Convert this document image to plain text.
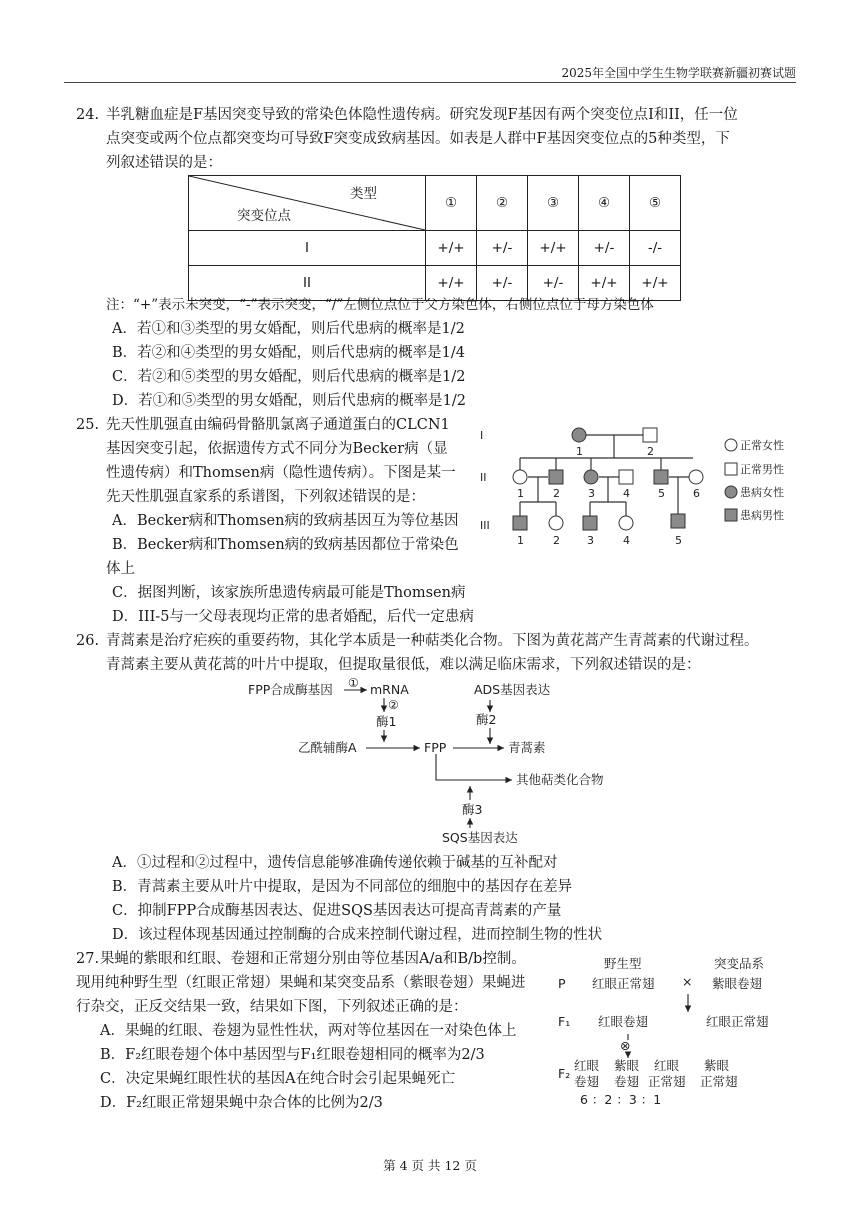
2025年全国中学生生物学联赛新疆初赛试题
24. 半乳糖血症是F基因突变导致的常染色体隐性遗传病。研究发现F基因有两个突变位点I和II，任一位
点突变或两个位点都突变均可导致F突变成致病基因。如表是人群中F基因突变位点的5种类型，下
列叙述错误的是：
类型
突变位点	①	②	③	④	⑤
I	+/+	+/-	+/+	+/-	-/-
II	+/+	+/-	+/-	+/+	+/+
注：“+”表示未突变，“-”表示突变，“/”左侧位点位于父方染色体，右侧位点位于母方染色体
A．若①和③类型的男女婚配，则后代患病的概率是1/2
B．若②和④类型的男女婚配，则后代患病的概率是1/4
C．若②和⑤类型的男女婚配，则后代患病的概率是1/2
D．若①和⑤类型的男女婚配，则后代患病的概率是1/2
25. 先天性肌强直由编码骨骼肌氯离子通道蛋白的CLCN1
基因突变引起，依据遗传方式不同分为Becker病（显
性遗传病）和Thomsen病（隐性遗传病）。下图是某一
先天性肌强直家系的系谱图，下列叙述错误的是：
A．Becker病和Thomsen病的致病基因互为等位基因
B．Becker病和Thomsen病的致病基因都位于常染色
体上
C．据图判断，该家族所患遗传病最可能是Thomsen病
D．III-5与一父母表现均正常的患者婚配，后代一定患病
I
II
III
1	2
1	2	3	4	5	6
1	2 3	4	5
正常女性
正常男性
患病女性
患病男性
26. 青蒿素是治疗疟疾的重要药物，其化学本质是一种萜类化合物。下图为黄花蒿产生青蒿素的代谢过程。
青蒿素主要从黄花蒿的叶片中提取，但提取量很低，难以满足临床需求，下列叙述错误的是：
FPP合成酶基因 ① mRNA
②
酶1
乙酰辅酶A	FPP
ADS基因表达
酶2
青蒿素
其他萜类化合物
酶3
SQS基因表达
A．①过程和②过程中，遗传信息能够准确传递依赖于碱基的互补配对
B．青蒿素主要从叶片中提取，是因为不同部位的细胞中的基因存在差异
C．抑制FPP合成酶基因表达、促进SQS基因表达可提高青蒿素的产量
D．该过程体现基因通过控制酶的合成来控制代谢过程，进而控制生物的性状
27. 果蝇的紫眼和红眼、卷翅和正常翅分别由等位基因A/a和B/b控制。
现用纯种野生型（红眼正常翅）果蝇和某突变品系（紫眼卷翅）果蝇进
行杂交，正反交结果一致，结果如下图，下列叙述正确的是：
A．果蝇的红眼、卷翅为显性性状，两对等位基因在一对染色体上
B．F₂红眼卷翅个体中基因型与F₁红眼卷翅相同的概率为2/3
C．决定果蝇红眼性状的基因A在纯合时会引起果蝇死亡
D．F₂红眼正常翅果蝇中杂合体的比例为2/3
野生型	突变品系
P 红眼正常翅 × 紫眼卷翅
F₁ 红眼卷翅	红眼正常翅
⊗
F₂
红眼
卷翅
紫眼
卷翅
红眼
正常翅
紫眼
正常翅
6 ：2 ：3 ：1
第 4 页 共 12 页
